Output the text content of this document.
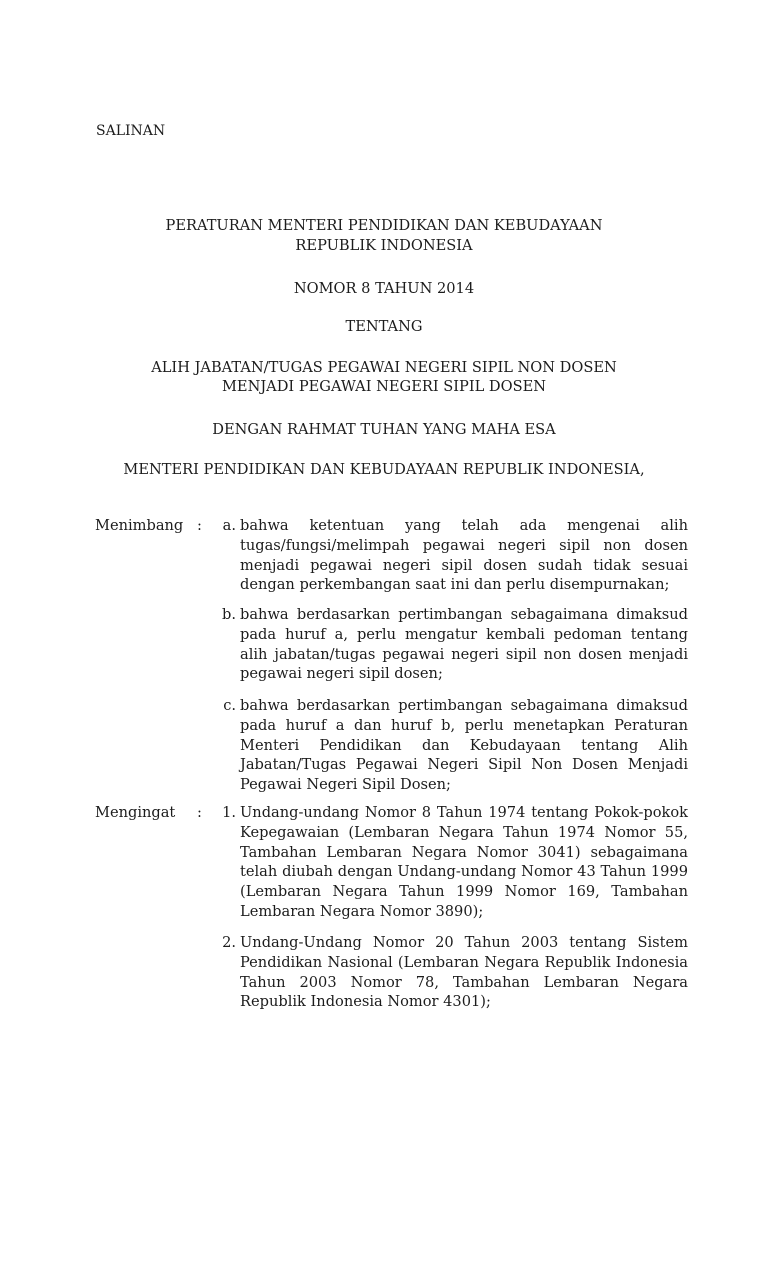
SALINAN
PERATURAN MENTERI PENDIDIKAN DAN KEBUDAYAAN
REPUBLIK INDONESIA
NOMOR 8 TAHUN 2014
TENTANG
ALIH JABATAN/TUGAS PEGAWAI NEGERI SIPIL NON DOSEN
MENJADI PEGAWAI NEGERI SIPIL DOSEN
DENGAN RAHMAT TUHAN YANG MAHA ESA
MENTERI PENDIDIKAN DAN KEBUDAYAAN REPUBLIK INDONESIA,
Menimbang :	a. bahwa ketentuan yang telah ada mengenai alih tugas/fungsi/melimpah pegawai negeri sipil non dosen menjadi pegawai negeri sipil dosen sudah tidak sesuai dengan perkembangan saat ini dan perlu disempurnakan;
b. bahwa berdasarkan pertimbangan sebagaimana dimaksud pada huruf a, perlu mengatur kembali pedoman tentang alih jabatan/tugas pegawai negeri sipil non dosen menjadi pegawai negeri sipil dosen;
c. bahwa berdasarkan pertimbangan sebagaimana dimaksud pada huruf a dan huruf b, perlu menetapkan Peraturan Menteri Pendidikan dan Kebudayaan tentang Alih Jabatan/Tugas Pegawai Negeri Sipil Non Dosen Menjadi Pegawai Negeri Sipil Dosen;
Mengingat :	1. Undang-undang Nomor 8 Tahun 1974 tentang Pokok-pokok Kepegawaian (Lembaran Negara Tahun 1974 Nomor 55, Tambahan Lembaran Negara Nomor 3041) sebagaimana telah diubah dengan Undang-undang Nomor 43 Tahun 1999 (Lembaran Negara Tahun 1999 Nomor 169, Tambahan Lembaran Negara Nomor 3890);
2. Undang-Undang Nomor 20 Tahun 2003 tentang Sistem Pendidikan Nasional (Lembaran Negara Republik Indonesia Tahun 2003 Nomor 78, Tambahan Lembaran Negara Republik Indonesia Nomor 4301);
